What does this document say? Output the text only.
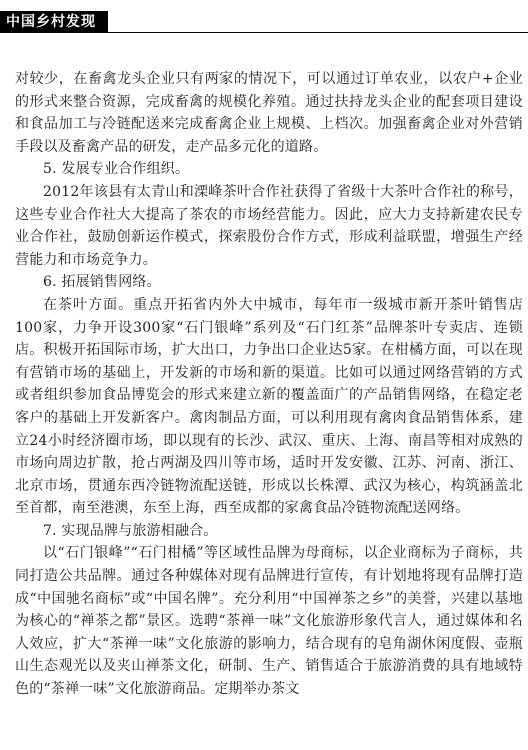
中国乡村发现

对较少，在畜禽龙头企业只有两家的情况下，可以通过订单农业，以农户+企业的形式来整合资源，完成畜禽的规模化养殖。通过扶持龙头企业的配套项目建设和食品加工与冷链配送来完成畜禽企业上规模、上档次。加强畜禽企业对外营销手段以及畜禽产品的研发，走产品多元化的道路。

5. 发展专业合作组织。

2012年该县有太青山和溧峰茶叶合作社获得了省级十大茶叶合作社的称号，这些专业合作社大大提高了茶农的市场经营能力。因此，应大力支持新建农民专业合作社，鼓励创新运作模式，探索股份合作方式，形成利益联盟，增强生产经营能力和市场竞争力。

6. 拓展销售网络。

在茶叶方面。重点开拓省内外大中城市，每年市一级城市新开茶叶销售店100家，力争开设300家“石门银峰”系列及“石门红茶”品牌茶叶专卖店、连锁店。积极开拓国际市场，扩大出口，力争出口企业达5家。在柑橘方面，可以在现有营销市场的基础上，开发新的市场和新的渠道。比如可以通过网络营销的方式或者组织参加食品博览会的形式来建立新的覆盖面广的产品销售网络，在稳定老客户的基础上开发新客户。禽肉制品方面，可以利用现有禽肉食品销售体系，建立24小时经济圈市场，即以现有的长沙、武汉、重庆、上海、南昌等相对成熟的市场向周边扩散，抢占两湖及四川等市场，适时开发安徽、江苏、河南、浙江、北京市场，贯通东西冷链物流配送链，形成以长株潭、武汉为核心，构筑涵盖北至首都，南至港澳，东至上海，西至成都的家禽食品冷链物流配送网络。

7. 实现品牌与旅游相融合。

以“石门银峰”“石门柑橘”等区域性品牌为母商标，以企业商标为子商标，共同打造公共品牌。通过各种媒体对现有品牌进行宣传，有计划地将现有品牌打造成“中国驰名商标”或“中国名牌”。充分利用“中国禅茶之乡”的美誉，兴建以基地为核心的“禅茶之都”景区。选聘“茶禅一味”文化旅游形象代言人，通过媒体和名人效应，扩大“茶禅一味”文化旅游的影响力，结合现有的皂角湖休闲度假、壶瓶山生态观光以及夹山禅茶文化，研制、生产、销售适合于旅游消费的具有地域特色的“茶禅一味”文化旅游商品。定期举办茶文
